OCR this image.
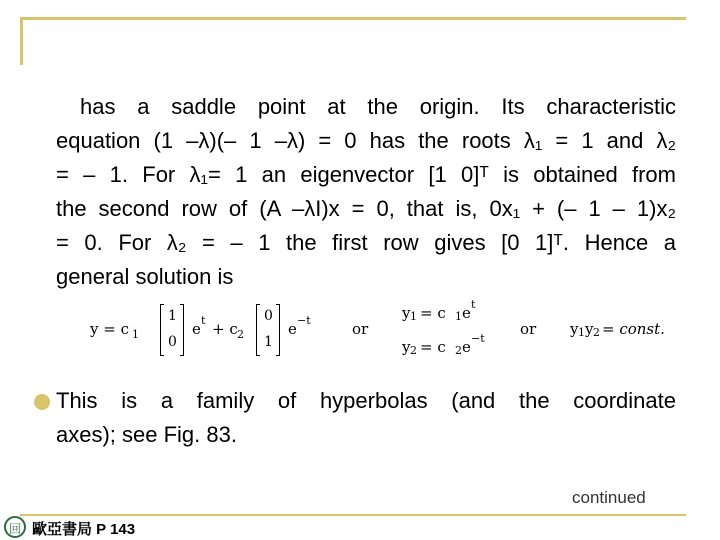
has a saddle point at the origin. Its characteristic
equation (1 –λ)(– 1 –λ) = 0 has the roots λ₁ = 1 and λ₂
= – 1. For λ₁= 1 an eigenvector [1 0]ᵀ is obtained from
the second row of (A –λI)x = 0, that is, 0x₁ + (– 1 – 1)x₂
= 0. For λ₂ = – 1 the first row gives [0 1]ᵀ. Hence a
general solution is
y = c 1
1
0
e t + c 2
0
1
e −t	or
y 1 = c 1 e t
y 2 = c 2 e −t
or y 1 y 2 = const.
This is a family of hyperbolas (and the coordinate
axes); see Fig. 83.
continued
回 歐亞書局 P 143
